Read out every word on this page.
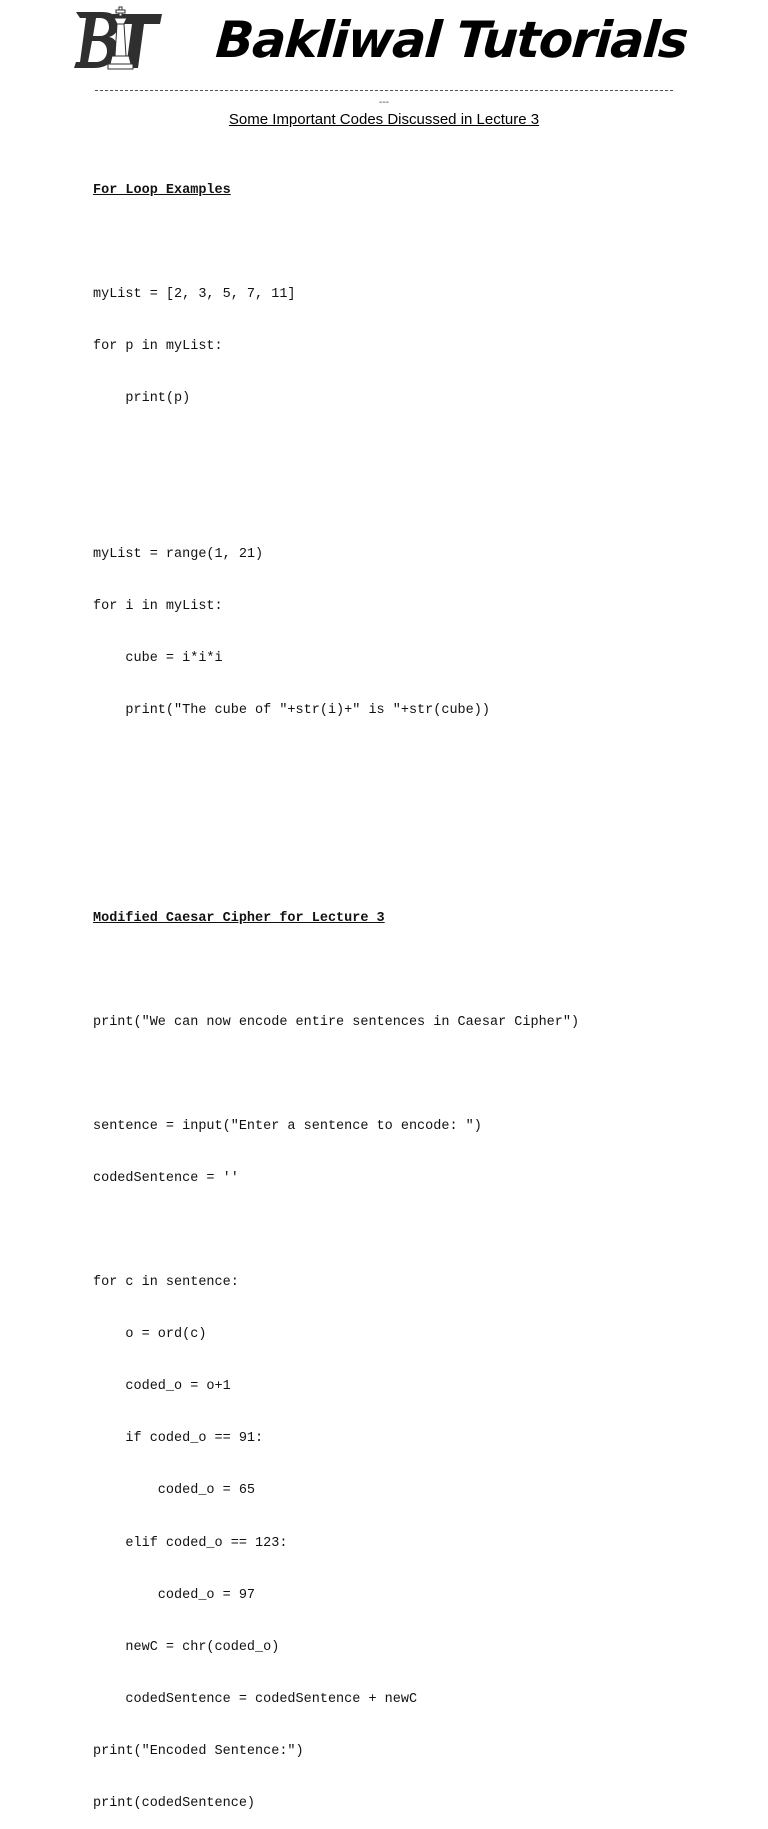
Bakliwal Tutorials
---
Some Important Codes Discussed in Lecture 3

For Loop Examples

myList = [2, 3, 5, 7, 11]

for p in myList:

print(p)

myList = range(1, 21)

for i in myList:

cube = i*i*i

print("The cube of "+str(i)+" is "+str(cube))

Modified Caesar Cipher for Lecture 3

print("We can now encode entire sentences in Caesar Cipher")

sentence = input("Enter a sentence to encode: ")

codedSentence = ''

for c in sentence:

o = ord(c)

coded_o = o+1

if coded_o == 91:

coded_o = 65

elif coded_o == 123:

coded_o = 97

newC = chr(coded_o)

codedSentence = codedSentence + newC

print("Encoded Sentence:")

print(codedSentence)
